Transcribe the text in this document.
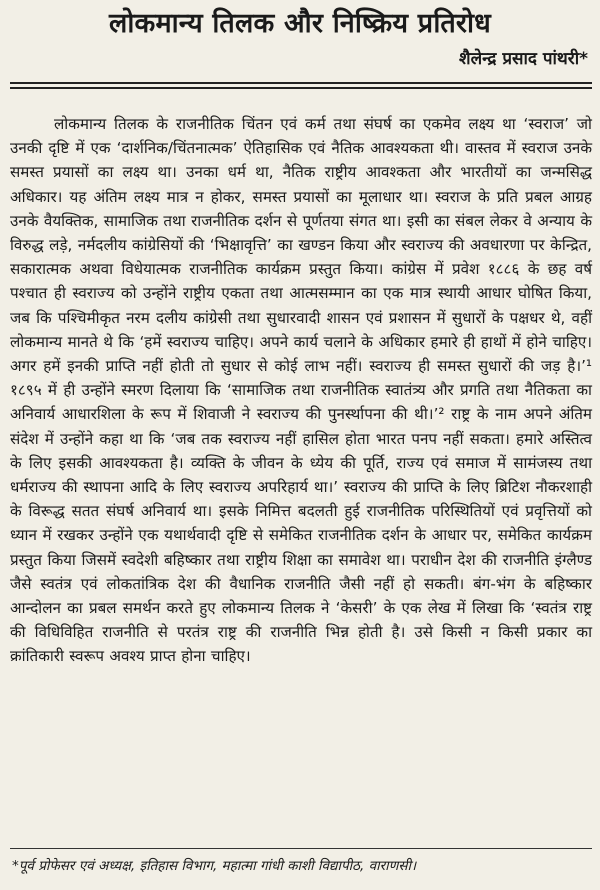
लोकमान्य तिलक और निष्क्रिय प्रतिरोध
शैलेन्द्र प्रसाद पांथरी*

लोकमान्य तिलक के राजनीतिक चिंतन एवं कर्म तथा संघर्ष का एकमेव लक्ष्य था ‘स्वराज’ जो उनकी दृष्टि में एक ‘दार्शनिक/चिंतनात्मक’ ऐतिहासिक एवं नैतिक आवश्यकता थी। वास्तव में स्वराज उनके समस्त प्रयासों का लक्ष्य था। उनका धर्म था, नैतिक राष्ट्रीय आवश्कता और भारतीयों का जन्मसिद्ध अधिकार। यह अंतिम लक्ष्य मात्र न होकर, समस्त प्रयासों का मूलाधार था। स्वराज के प्रति प्रबल आग्रह उनके वैयक्तिक, सामाजिक तथा राजनीतिक दर्शन से पूर्णतया संगत था। इसी का संबल लेकर वे अन्याय के विरुद्ध लड़े, नर्मदलीय कांग्रेसियों की ‘भिक्षावृत्ति’ का खण्डन किया और स्वराज्य की अवधारणा पर केन्द्रित, सकारात्मक अथवा विधेयात्मक राजनीतिक कार्यक्रम प्रस्तुत किया। कांग्रेस में प्रवेश १८८६ के छह वर्ष पश्चात ही स्वराज्य को उन्होंने राष्ट्रीय एकता तथा आत्मसम्मान का एक मात्र स्थायी आधार घोषित किया, जब कि पश्चिमीकृत नरम दलीय कांग्रेसी तथा सुधारवादी शासन एवं प्रशासन में सुधारों के पक्षधर थे, वहीं लोकमान्य मानते थे कि ‘हमें स्वराज्य चाहिए। अपने कार्य चलाने के अधिकार हमारे ही हाथों में होने चाहिए। अगर हमें इनकी प्राप्ति नहीं होती तो सुधार से कोई लाभ नहीं। स्वराज्य ही समस्त सुधारों की जड़ है।’¹ १८९५ में ही उन्होंने स्मरण दिलाया कि ‘सामाजिक तथा राजनीतिक स्वातंत्र्य और प्रगति तथा नैतिकता का अनिवार्य आधारशिला के रूप में शिवाजी ने स्वराज्य की पुनर्स्थापना की थी।’² राष्ट्र के नाम अपने अंतिम संदेश में उन्होंने कहा था कि ‘जब तक स्वराज्य नहीं हासिल होता भारत पनप नहीं सकता। हमारे अस्तित्व के लिए इसकी आवश्यकता है। व्यक्ति के जीवन के ध्येय की पूर्ति, राज्य एवं समाज में सामंजस्य तथा धर्मराज्य की स्थापना आदि के लिए स्वराज्य अपरिहार्य था।’ स्वराज्य की प्राप्ति के लिए ब्रिटिश नौकरशाही के विरूद्ध सतत संघर्ष अनिवार्य था। इसके निमित्त बदलती हुई राजनीतिक परिस्थितियों एवं प्रवृत्तियों को ध्यान में रखकर उन्होंने एक यथार्थवादी दृष्टि से समेकित राजनीतिक दर्शन के आधार पर, समेकित कार्यक्रम प्रस्तुत किया जिसमें स्वदेशी बहिष्कार तथा राष्ट्रीय शिक्षा का समावेश था। पराधीन देश की राजनीति इंग्लैण्ड जैसे स्वतंत्र एवं लोकतांत्रिक देश की वैधानिक राजनीति जैसी नहीं हो सकती। बंग-भंग के बहिष्कार आन्दोलन का प्रबल समर्थन करते हुए लोकमान्य तिलक ने ‘केसरी’ के एक लेख में लिखा कि ‘स्वतंत्र राष्ट्र की विधिविहित राजनीति से परतंत्र राष्ट्र की राजनीति भिन्न होती है। उसे किसी न किसी प्रकार का क्रांतिकारी स्वरूप अवश्य प्राप्त होना चाहिए।

*पूर्व प्रोफेसर एवं अध्यक्ष, इतिहास विभाग, महात्मा गांधी काशी विद्यापीठ, वाराणसी।
